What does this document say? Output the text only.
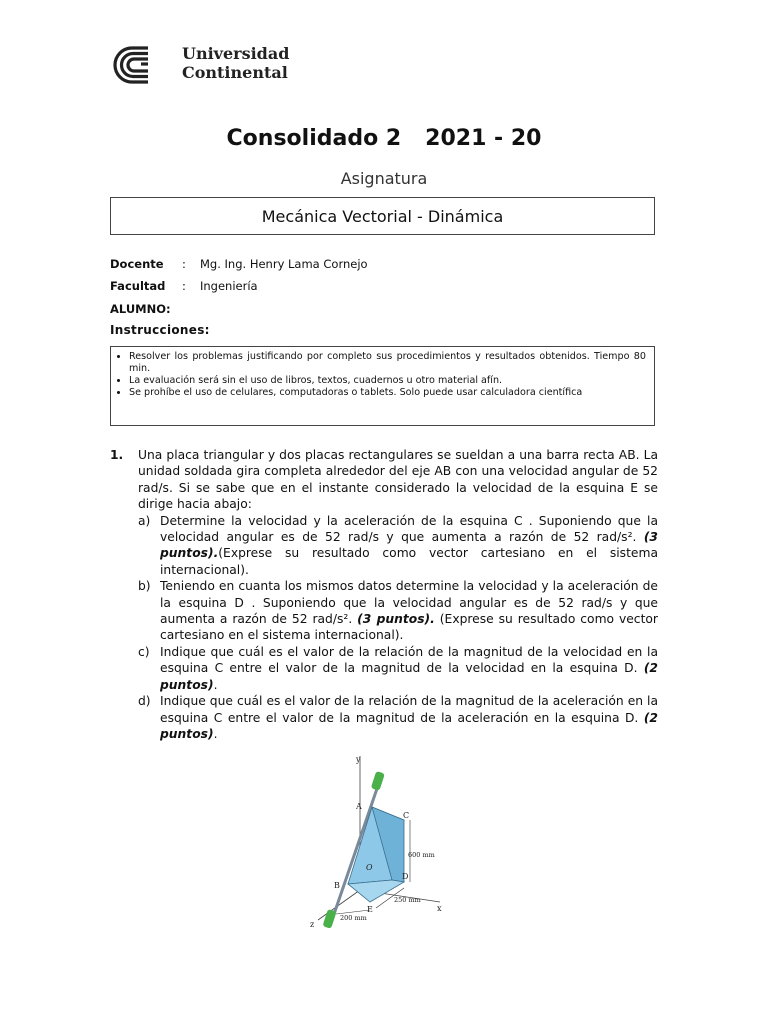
Universidad
Continental
Consolidado 2 2021 - 20
Asignatura
Mecánica Vectorial - Dinámica
Docente : Mg. Ing. Henry Lama Cornejo
Facultad : Ingeniería
ALUMNO:
Instrucciones:
• Resolver los problemas justificando por completo sus procedimientos y resultados obtenidos. Tiempo 80 min.
• La evaluación será sin el uso de libros, textos, cuadernos u otro material afín.
• Se prohíbe el uso de celulares, computadoras o tablets. Solo puede usar calculadora científica
1. Una placa triangular y dos placas rectangulares se sueldan a una barra recta AB. La unidad soldada gira completa alrededor del eje AB con una velocidad angular de 52 rad/s. Si se sabe que en el instante considerado la velocidad de la esquina E se dirige hacia abajo:
a) Determine la velocidad y la aceleración de la esquina C . Suponiendo que la velocidad angular es de 52 rad/s y que aumenta a razón de 52 rad/s². (3 puntos).(Exprese su resultado como vector cartesiano en el sistema internacional).
b) Teniendo en cuanta los mismos datos determine la velocidad y la aceleración de la esquina D . Suponiendo que la velocidad angular es de 52 rad/s y que aumenta a razón de 52 rad/s². (3 puntos). (Exprese su resultado como vector cartesiano en el sistema internacional).
c) Indique que cuál es el valor de la relación de la magnitud de la velocidad en la esquina C entre el valor de la magnitud de la velocidad en la esquina D. (2 puntos).
d) Indique que cuál es el valor de la relación de la magnitud de la aceleración en la esquina C entre el valor de la magnitud de la aceleración en la esquina D. (2 puntos).
y
x
z
A
C
O
D
B
E
600 mm
250 mm
200 mm
